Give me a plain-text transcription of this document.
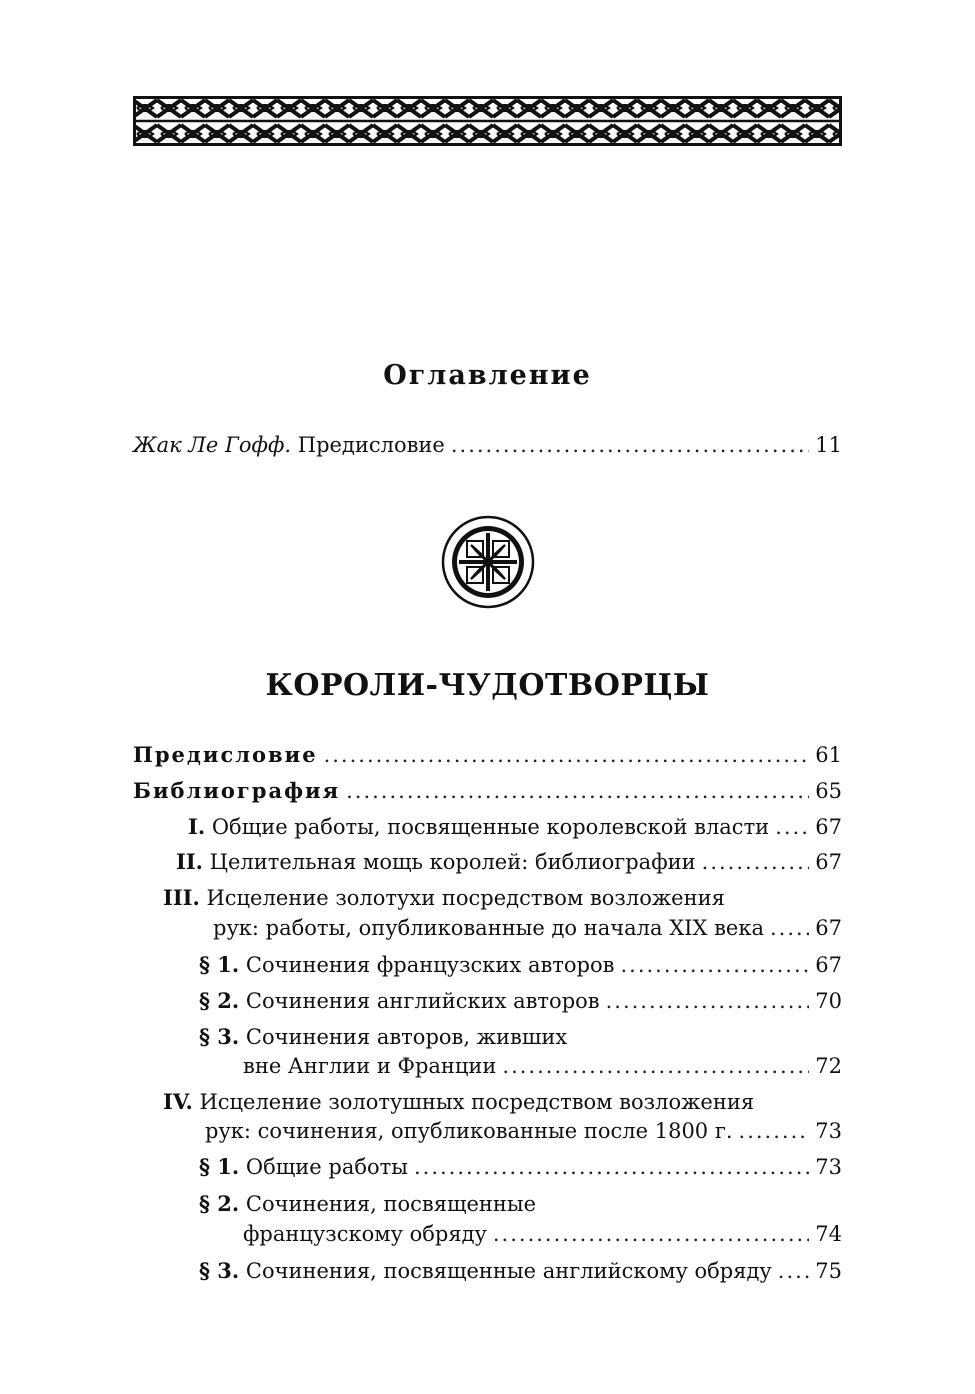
Оглавление
Жак Ле Гофф. Предисловие .....	11
КОРОЛИ-ЧУДОТВОРЦЫ
Предисловие .....	61
Библиография .....	65
I. Общие работы, посвященные королевской власти ..... 67
II. Целительная мощь королей: библиографии .....	67
III. Исцеление золотухи посредством возложения
рук: работы, опубликованные до начала XIX века ..... 67
§ 1. Сочинения французских авторов .....	67
§ 2. Сочинения английских авторов .....	70
§ 3. Сочинения авторов, живших
вне Англии и Франции .....	72
IV. Исцеление золотушных посредством возложения
рук: сочинения, опубликованные после 1800 г. .....	73
§ 1. Общие работы .....	73
§ 2. Сочинения, посвященные
французскому обряду .....	74
§ 3. Сочинения, посвященные английскому обряду ..... 75
